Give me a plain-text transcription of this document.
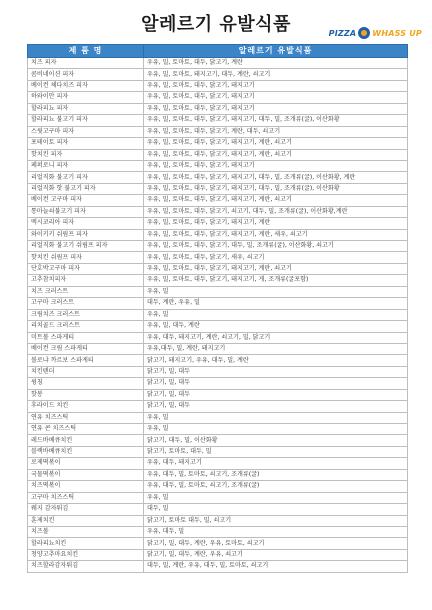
알레르기 유발식품	PIZZA WHASS UP
제 품 명	알레르기 유발식품
치즈 피자	우유, 밀, 토마토, 대두, 닭고기, 계란
콤비네이션 피자	우유, 밀, 토마토, 돼지고기, 대두, 계란, 쇠고기
베이컨 체다치즈 피자	우유, 밀, 토마토, 대두, 닭고기, 돼지고기
하와이안 피자	우유, 밀, 토마토, 대두, 닭고기, 돼지고기
할라피뇨 피자	우유, 밀, 토마토, 대두, 닭고기, 돼지고기
할라피뇨 불고기 피자	우유, 밀, 토마토, 대두, 닭고기, 돼지고기, 대두, 밀, 조개류(굴), 이산화황
스윗고구마 피자	우유, 밀, 토마토, 대두, 닭고기, 계란, 대두, 쇠고기
포테이토 피자	우유, 밀, 토마토, 대두, 닭고기, 돼지고기, 계란, 쇠고기
핫치킨 피자	우유, 밀, 토마토, 대두, 닭고기, 돼지고기, 계란, 쇠고기
페퍼로니 피자	우유, 밀, 토마토, 대두, 닭고기, 돼지고기
리얼직화 불고기 피자	우유, 밀, 토마토, 대두, 닭고기, 돼지고기, 대두, 밀, 조개류(굴), 이산화황, 계란
리얼직화 핫 불고기 피자	우유, 밀, 토마토, 대두, 닭고기, 돼지고기, 대두, 밀, 조개류(굴), 이산화황
베이컨 고구마 피자	우유, 밀, 토마토, 대두, 닭고기, 돼지고기, 계란, 쇠고기
통마늘쇠불고기 피자	우유, 밀, 토마토, 대두, 닭고기, 쇠고기, 대두, 밀, 조개류(굴), 이산화황,계란
멕시코리아 피자	우유, 밀, 토마토, 대두, 닭고기, 돼지고기, 계란
와이키키 쉬림프 피자	우유, 밀, 토마토, 대두, 닭고기, 돼지고기, 계란, 새우, 쇠고기
리얼직화 불고기 쉬림프 피자	우유, 밀, 토마토, 대두, 닭고기, 대두, 밀, 조개류(굴), 이산화황, 쇠고기
핫치킨 쉬림프 피자	우유, 밀, 토마토, 대두, 닭고기, 새우, 쇠고기
단호박고구마 피자	우유, 밀, 토마토, 대두, 닭고기, 돼지고기, 계란, 쇠고기
고추참치피자	우유, 밀, 토마토, 대두, 닭고기, 돼지고기, 게, 조개류(굴포함)
치즈 크러스트	우유, 밀
고구마 크러스트	대두, 계란, 우유, 밀
크림치즈 크러스트	우유, 밀
리치골드 크러스트	우유, 밀, 대두, 계란
미트볼 스파게티	우유, 대두, 돼지고기, 계란, 쇠고기, 밀, 닭고기
베이컨 크림 스파게티	우유,대두, 밀, 계란, 돼지고기
볼로냐 까르보 스파게티	닭고기, 돼지고기, 우유, 대두, 밀, 계란
치킨텐더	닭고기, 밀, 대두
윙칭	닭고기, 밀, 대두
핫봉	닭고기, 밀, 대두
후라이드 치킨	닭고기, 밀, 대두
연유 치즈스틱	우유, 밀
연유 콘 치즈스틱	우유, 밀
레드바베큐치킨	닭고기, 대두, 밀, 이산화황
블랙바베큐치킨	닭고기, 토마토, 대두, 밀
로제떡볶이	우유, 대두, 돼지고기
국물떡볶이	우유, 대두, 밀, 토마토, 쇠고기, 조개류(굴)
치즈떡볶이	우유, 대두, 밀, 토마토, 쇠고기, 조개류(굴)
고구마 치즈스틱	우유, 밀
웨지 감자튀김	대두, 밀
훈제치킨	닭고기, 토마토 대두, 밀, 쇠고기
치즈볼	우유, 대두, 밀
할라피뇨치킨	닭고기, 밀, 대두, 계란, 우유, 토마토, 쇠고기
청양고추마요치킨	닭고기, 밀, 대두, 계란, 우유, 쇠고기
치즈할라감자튀김	대두, 밀, 계란, 우유, 대두, 밀, 토마토, 쇠고기
